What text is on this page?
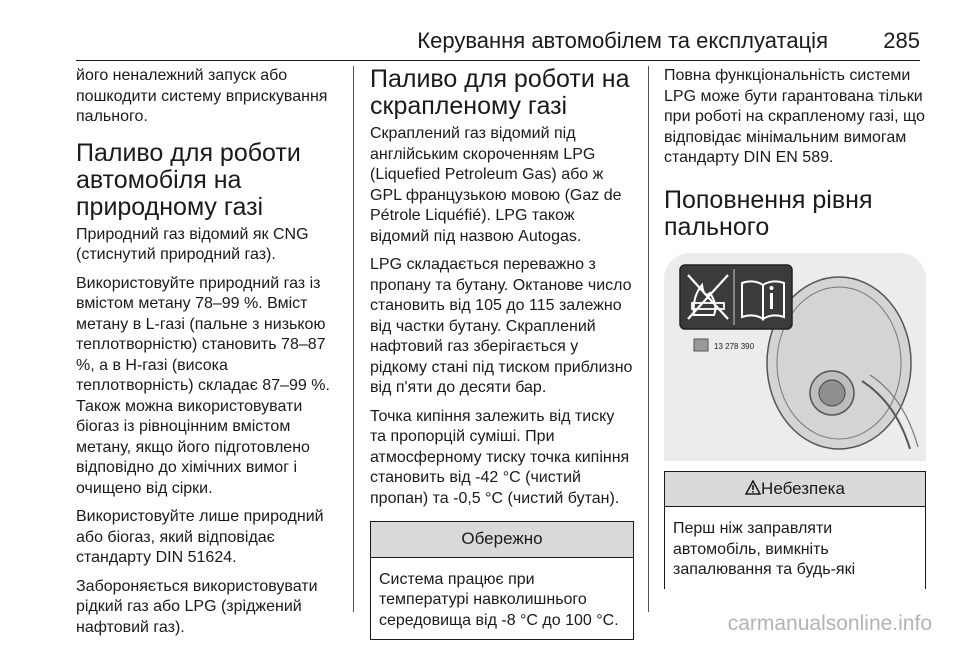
Керування автомобілем та експлуатація	285

його неналежний запуск або пошкодити систему вприскування пального.

Паливо для роботи автомобіля на природному газі

Природний газ відомий як CNG (стиснутий природний газ).

Використовуйте природний газ із вмістом метану 78–99 %. Вміст метану в L-газі (пальне з низькою теплотворністю) становить 78–87 %, а в Н-газі (висока теплотворність) складає 87–99 %. Також можна використовувати біогаз із рівноцінним вмістом метану, якщо його підготовлено відповідно до хімічних вимог і очищено від сірки.

Використовуйте лише природний або біогаз, який відповідає стандарту DIN 51624.

Забороняється використовувати рідкий газ або LPG (зріджений нафтовий газ).

Паливо для роботи на скрапленому газі

Скраплений газ відомий під англійським скороченням LPG (Liquefied Petroleum Gas) або ж GPL французькою мовою (Gaz de Pétrole Liquéfié). LPG також відомий під назвою Autogas.

LPG складається переважно з пропану та бутану. Октанове число становить від 105 до 115 залежно від частки бутану. Скраплений нафтовий газ зберігається у рідкому стані під тиском приблизно від п'яти до десяти бар.

Точка кипіння залежить від тиску та пропорцій суміші. При атмосферному тиску точка кипіння становить від -42 °C (чистий пропан) та -0,5 °C (чистий бутан).

Обережно
Система працює при температурі навколишнього середовища від -8 °C до 100 °C.

Повна функціональність системи LPG може бути гарантована тільки при роботі на скрапленому газі, що відповідає мінімальним вимогам стандарту DIN EN 589.

Поповнення рівня пального
13 278 390
Небезпека
Перш ніж заправляти автомобіль, вимкніть запалювання та будь-які
carmanualsonline.info
